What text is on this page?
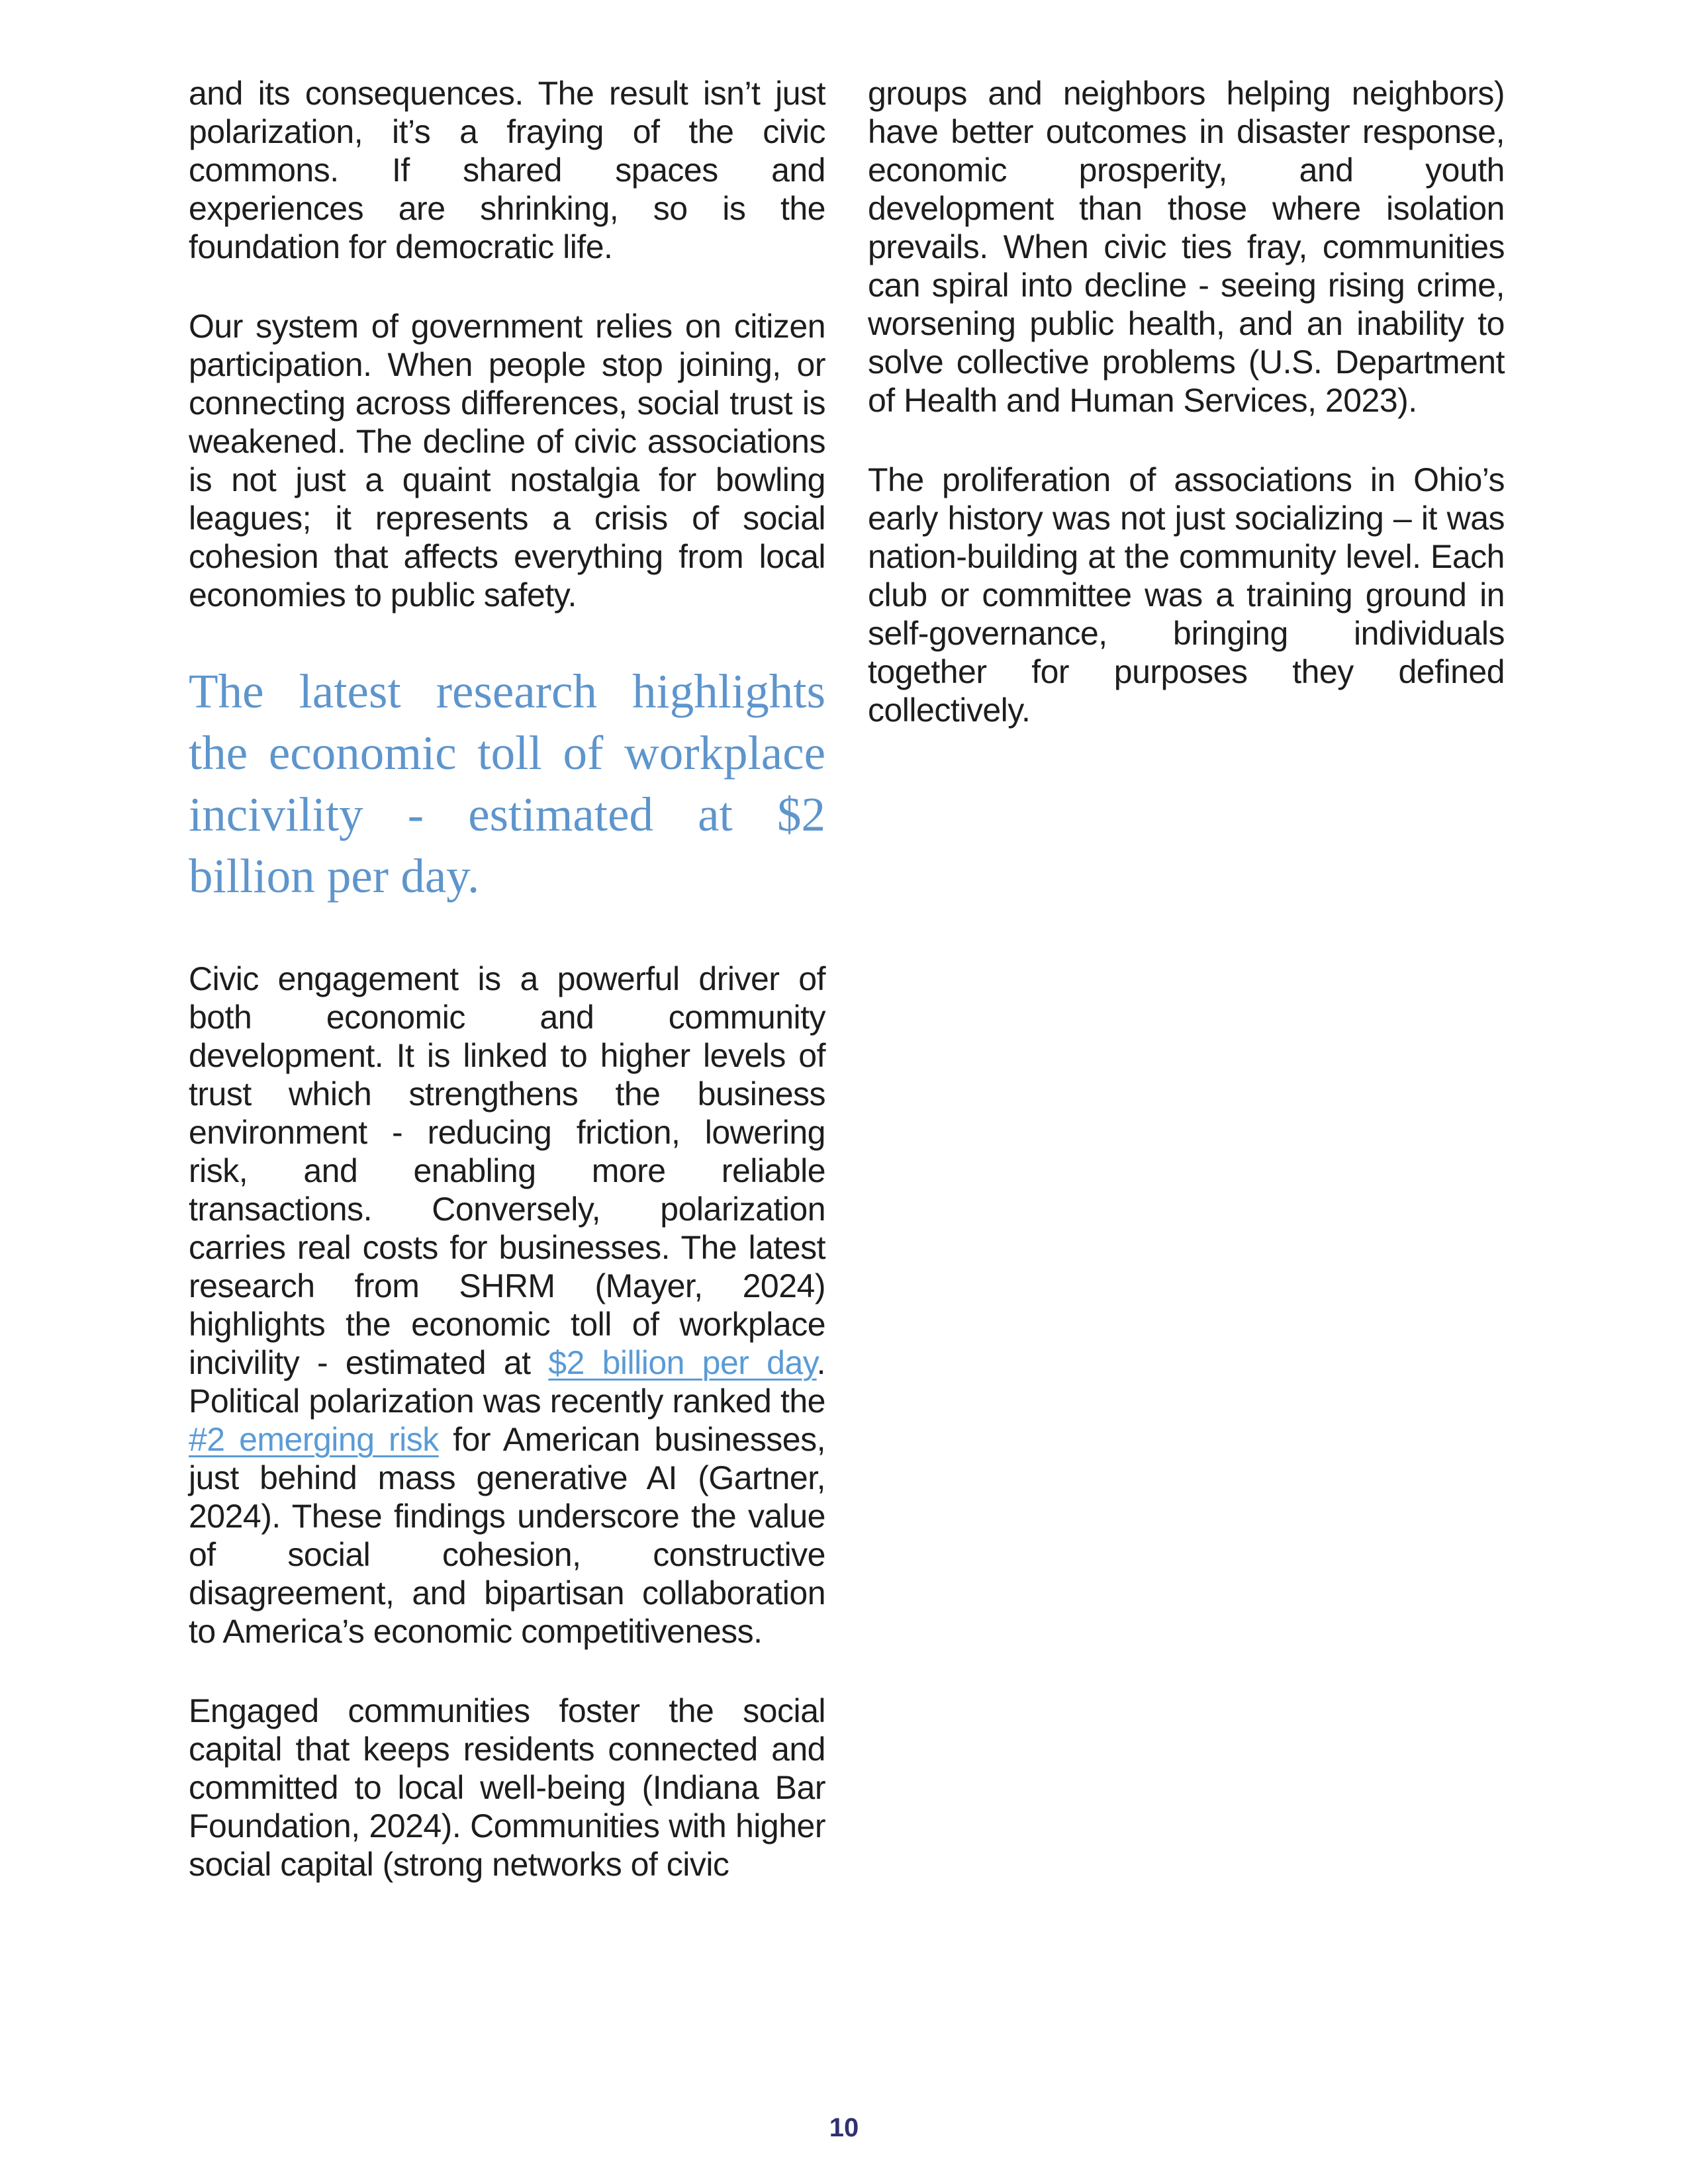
and its consequences. The result isn’t just polarization, it’s a fraying of the civic commons. If shared spaces and experiences are shrinking, so is the foundation for democratic life.

Our system of government relies on citizen participation. When people stop joining, or connecting across differences, social trust is weakened. The decline of civic associations is not just a quaint nostalgia for bowling leagues; it represents a crisis of social cohesion that affects everything from local economies to public safety.

The latest research highlights the economic toll of workplace incivility - estimated at $2 billion per day.

Civic engagement is a powerful driver of both economic and community development. It is linked to higher levels of trust which strengthens the business environment - reducing friction, lowering risk, and enabling more reliable transactions. Conversely, polarization carries real costs for businesses. The latest research from SHRM (Mayer, 2024) highlights the economic toll of workplace incivility - estimated at $2 billion per day. Political polarization was recently ranked the #2 emerging risk for American businesses, just behind mass generative AI (Gartner, 2024). These findings underscore the value of social cohesion, constructive disagreement, and bipartisan collaboration to America’s economic competitiveness.

Engaged communities foster the social capital that keeps residents connected and committed to local well-being (Indiana Bar Foundation, 2024). Communities with higher social capital (strong networks of civic

groups and neighbors helping neighbors) have better outcomes in disaster response, economic prosperity, and youth development than those where isolation prevails. When civic ties fray, communities can spiral into decline - seeing rising crime, worsening public health, and an inability to solve collective problems (U.S. Department of Health and Human Services, 2023).

The proliferation of associations in Ohio’s early history was not just socializing – it was nation-building at the community level. Each club or committee was a training ground in self-governance, bringing individuals together for purposes they defined collectively.

10
